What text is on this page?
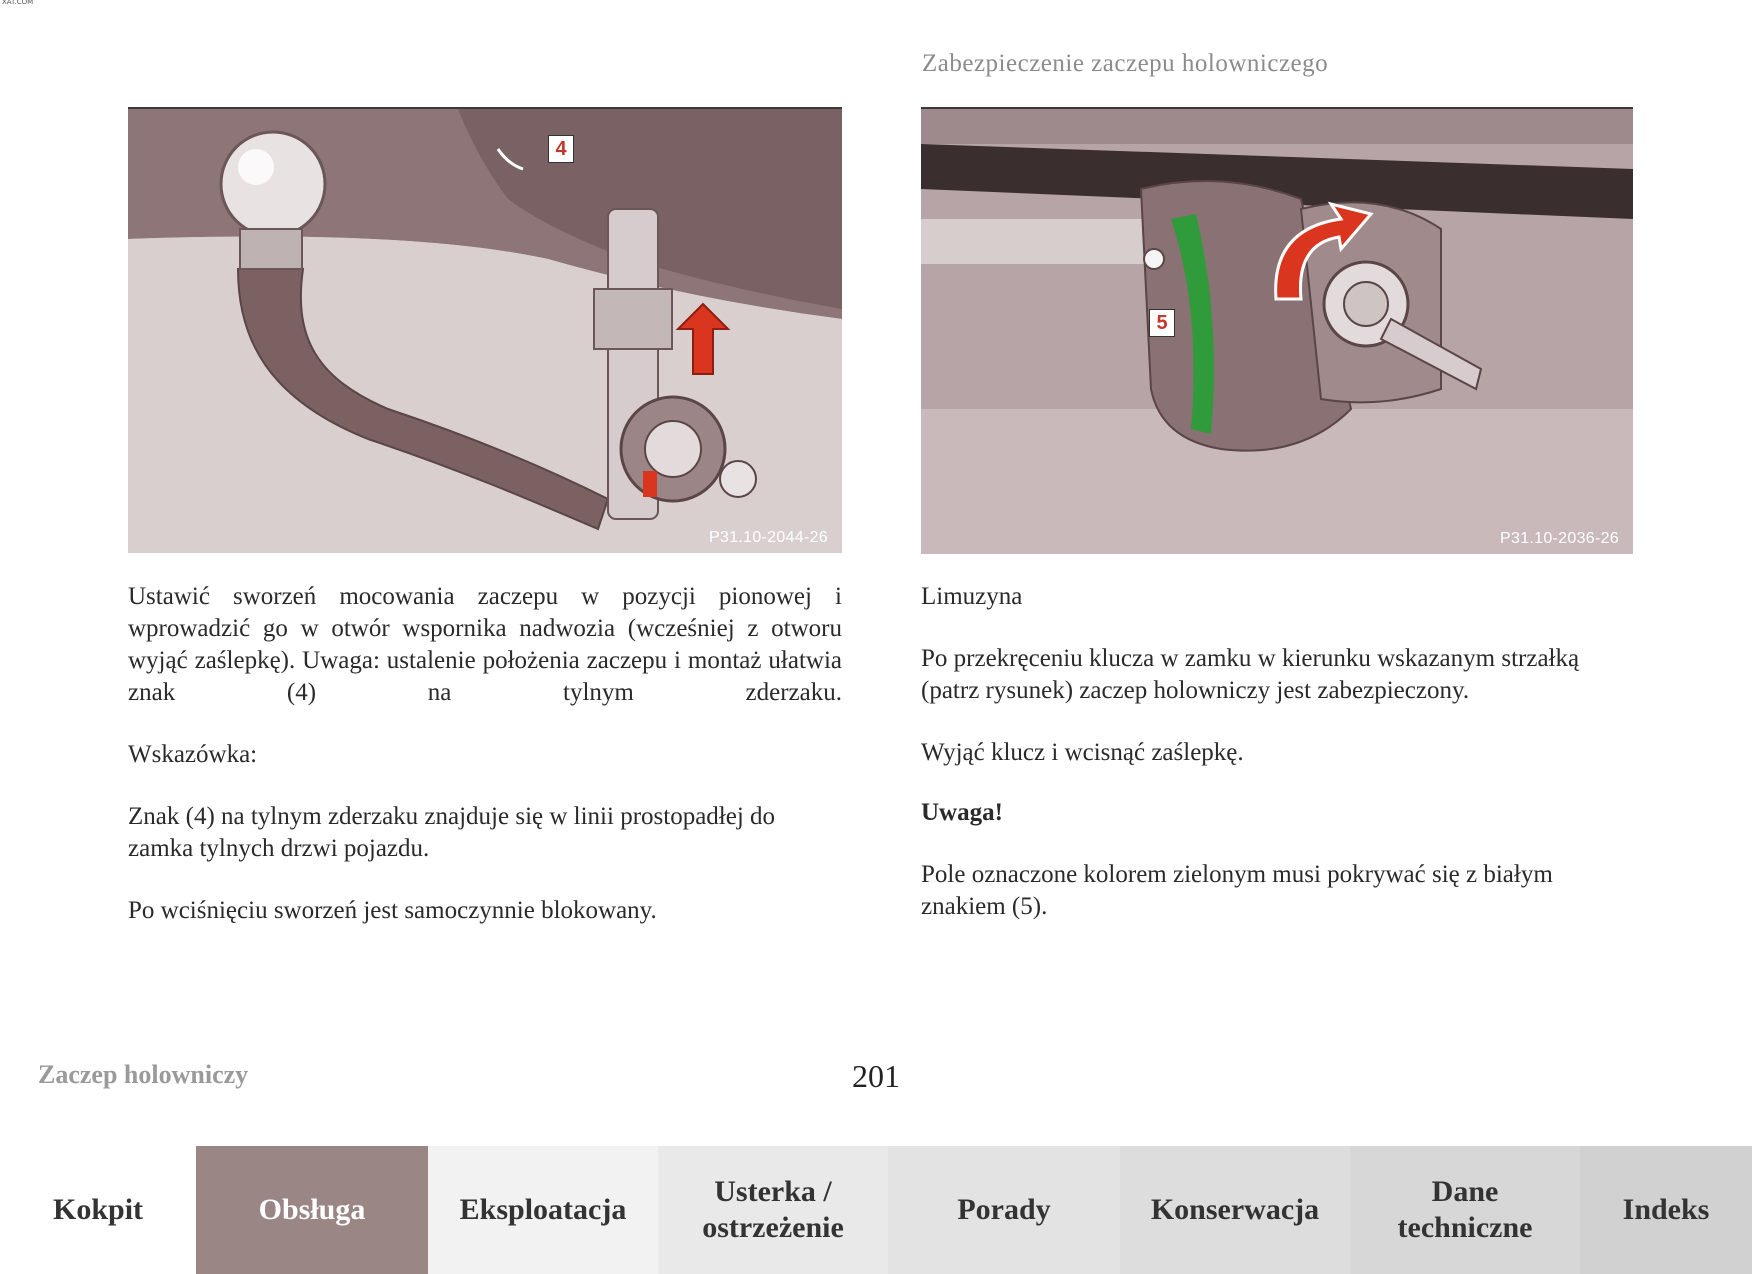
XAT.COM
Zabezpieczenie zaczepu holowniczego
4
P31.10-2044-26
5
P31.10-2036-26

Ustawić sworzeń mocowania zaczepu w pozycji pionowej i wprowadzić go w otwór wspornika nadwozia (wcześniej z otworu wyjąć zaślepkę). Uwaga: ustalenie położenia zaczepu i montaż ułatwia znak (4) na tylnym zderzaku.

Wskazówka:

Znak (4) na tylnym zderzaku znajduje się w linii prostopadłej do zamka tylnych drzwi pojazdu.

Po wciśnięciu sworzeń jest samoczynnie blokowany.

Limuzyna

Po przekręceniu klucza w zamku w kierunku wskazanym strzałką (patrz rysunek) zaczep holowniczy jest zabezpieczony.

Wyjąć klucz i wcisnąć zaślepkę.

Uwaga!

Pole oznaczone kolorem zielonym musi pokrywać się z białym znakiem (5).

Zaczep holowniczy	201
Kokpit	Obsługa	Eksploatacja
Usterka /
ostrzeżenie
Porady	Konserwacja
Dane
techniczne
Indeks
